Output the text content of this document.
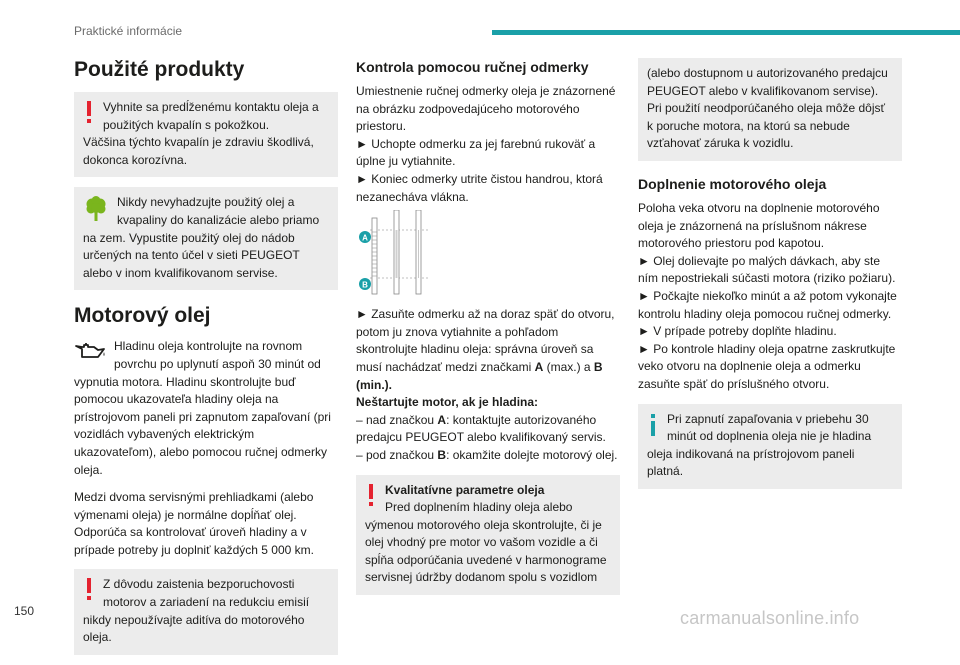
Praktické informácie
Použité produkty
Vyhnite sa predĺženému kontaktu oleja a
použitých kvapalín s pokožkou.
Väčšina týchto kvapalín je zdraviu škodlivá, dokonca korozívna.
Nikdy nevyhadzujte použitý olej a
kvapaliny do kanalizácie alebo priamo
na zem. Vypustite použitý olej do nádob určených na tento účel v sieti PEUGEOT alebo v inom kvalifikovanom servise.
Motorový olej

Hladinu oleja kontrolujte na rovnom povrchu po uplynutí aspoň 30 minút od vypnutia motora. Hladinu skontrolujte buď pomocou ukazovateľa hladiny oleja na prístrojovom paneli pri zapnutom zapaľovaní (pri vozidlách vybavených elektrickým ukazovateľom), alebo pomocou ručnej odmerky oleja.

Medzi dvoma servisnými prehliadkami (alebo výmenami oleja) je normálne dopĺňať olej. Odporúča sa kontrolovať úroveň hladiny a v prípade potreby ju doplniť každých 5 000 km.

Z dôvodu zaistenia bezporuchovosti
motorov a zariadení na redukciu emisií
nikdy nepoužívajte aditíva do motorového oleja.
Kontrola pomocou ručnej odmerky

Umiestnenie ručnej odmerky oleja je znázornené na obrázku zodpovedajúceho motorového priestoru.

► Uchopte odmerku za jej farebnú rukoväť a úplne ju vytiahnite.

► Koniec odmerky utrite čistou handrou, ktorá nezanecháva vlákna.

A
B

► Zasuňte odmerku až na doraz späť do otvoru, potom ju znova vytiahnite a pohľadom skontrolujte hladinu oleja: správna úroveň sa musí nachádzať medzi značkami A (max.) a B (min.).

Neštartujte motor, ak je hladina:

– nad značkou A: kontaktujte autorizovaného predajcu PEUGEOT alebo kvalifikovaný servis.

– pod značkou B: okamžite dolejte motorový olej.

Kvalitatívne parametre oleja
Pred doplnením hladiny oleja alebo
výmenou motorového oleja skontrolujte, či je olej vhodný pre motor vo vašom vozidle a či spĺňa odporúčania uvedené v harmonograme servisnej údržby dodanom spolu s vozidlom
(alebo dostupnom u autorizovaného predajcu PEUGEOT alebo v kvalifikovanom servise). Pri použití neodporúčaného oleja môže dôjsť k poruche motora, na ktorú sa nebude vzťahovať záruka k vozidlu.
Doplnenie motorového oleja

Poloha veka otvoru na doplnenie motorového oleja je znázornená na príslušnom nákrese motorového priestoru pod kapotou.

► Olej dolievajte po malých dávkach, aby ste ním nepostriekali súčasti motora (riziko požiaru).

► Počkajte niekoľko minút a až potom vykonajte kontrolu hladiny oleja pomocou ručnej odmerky.

► V prípade potreby doplňte hladinu.

► Po kontrole hladiny oleja opatrne zaskrutkujte veko otvoru na doplnenie oleja a odmerku zasuňte späť do príslušného otvoru.

Pri zapnutí zapaľovania v priebehu 30
minút od doplnenia oleja nie je hladina
oleja indikovaná na prístrojovom paneli platná.
150	carmanualsonline.info
